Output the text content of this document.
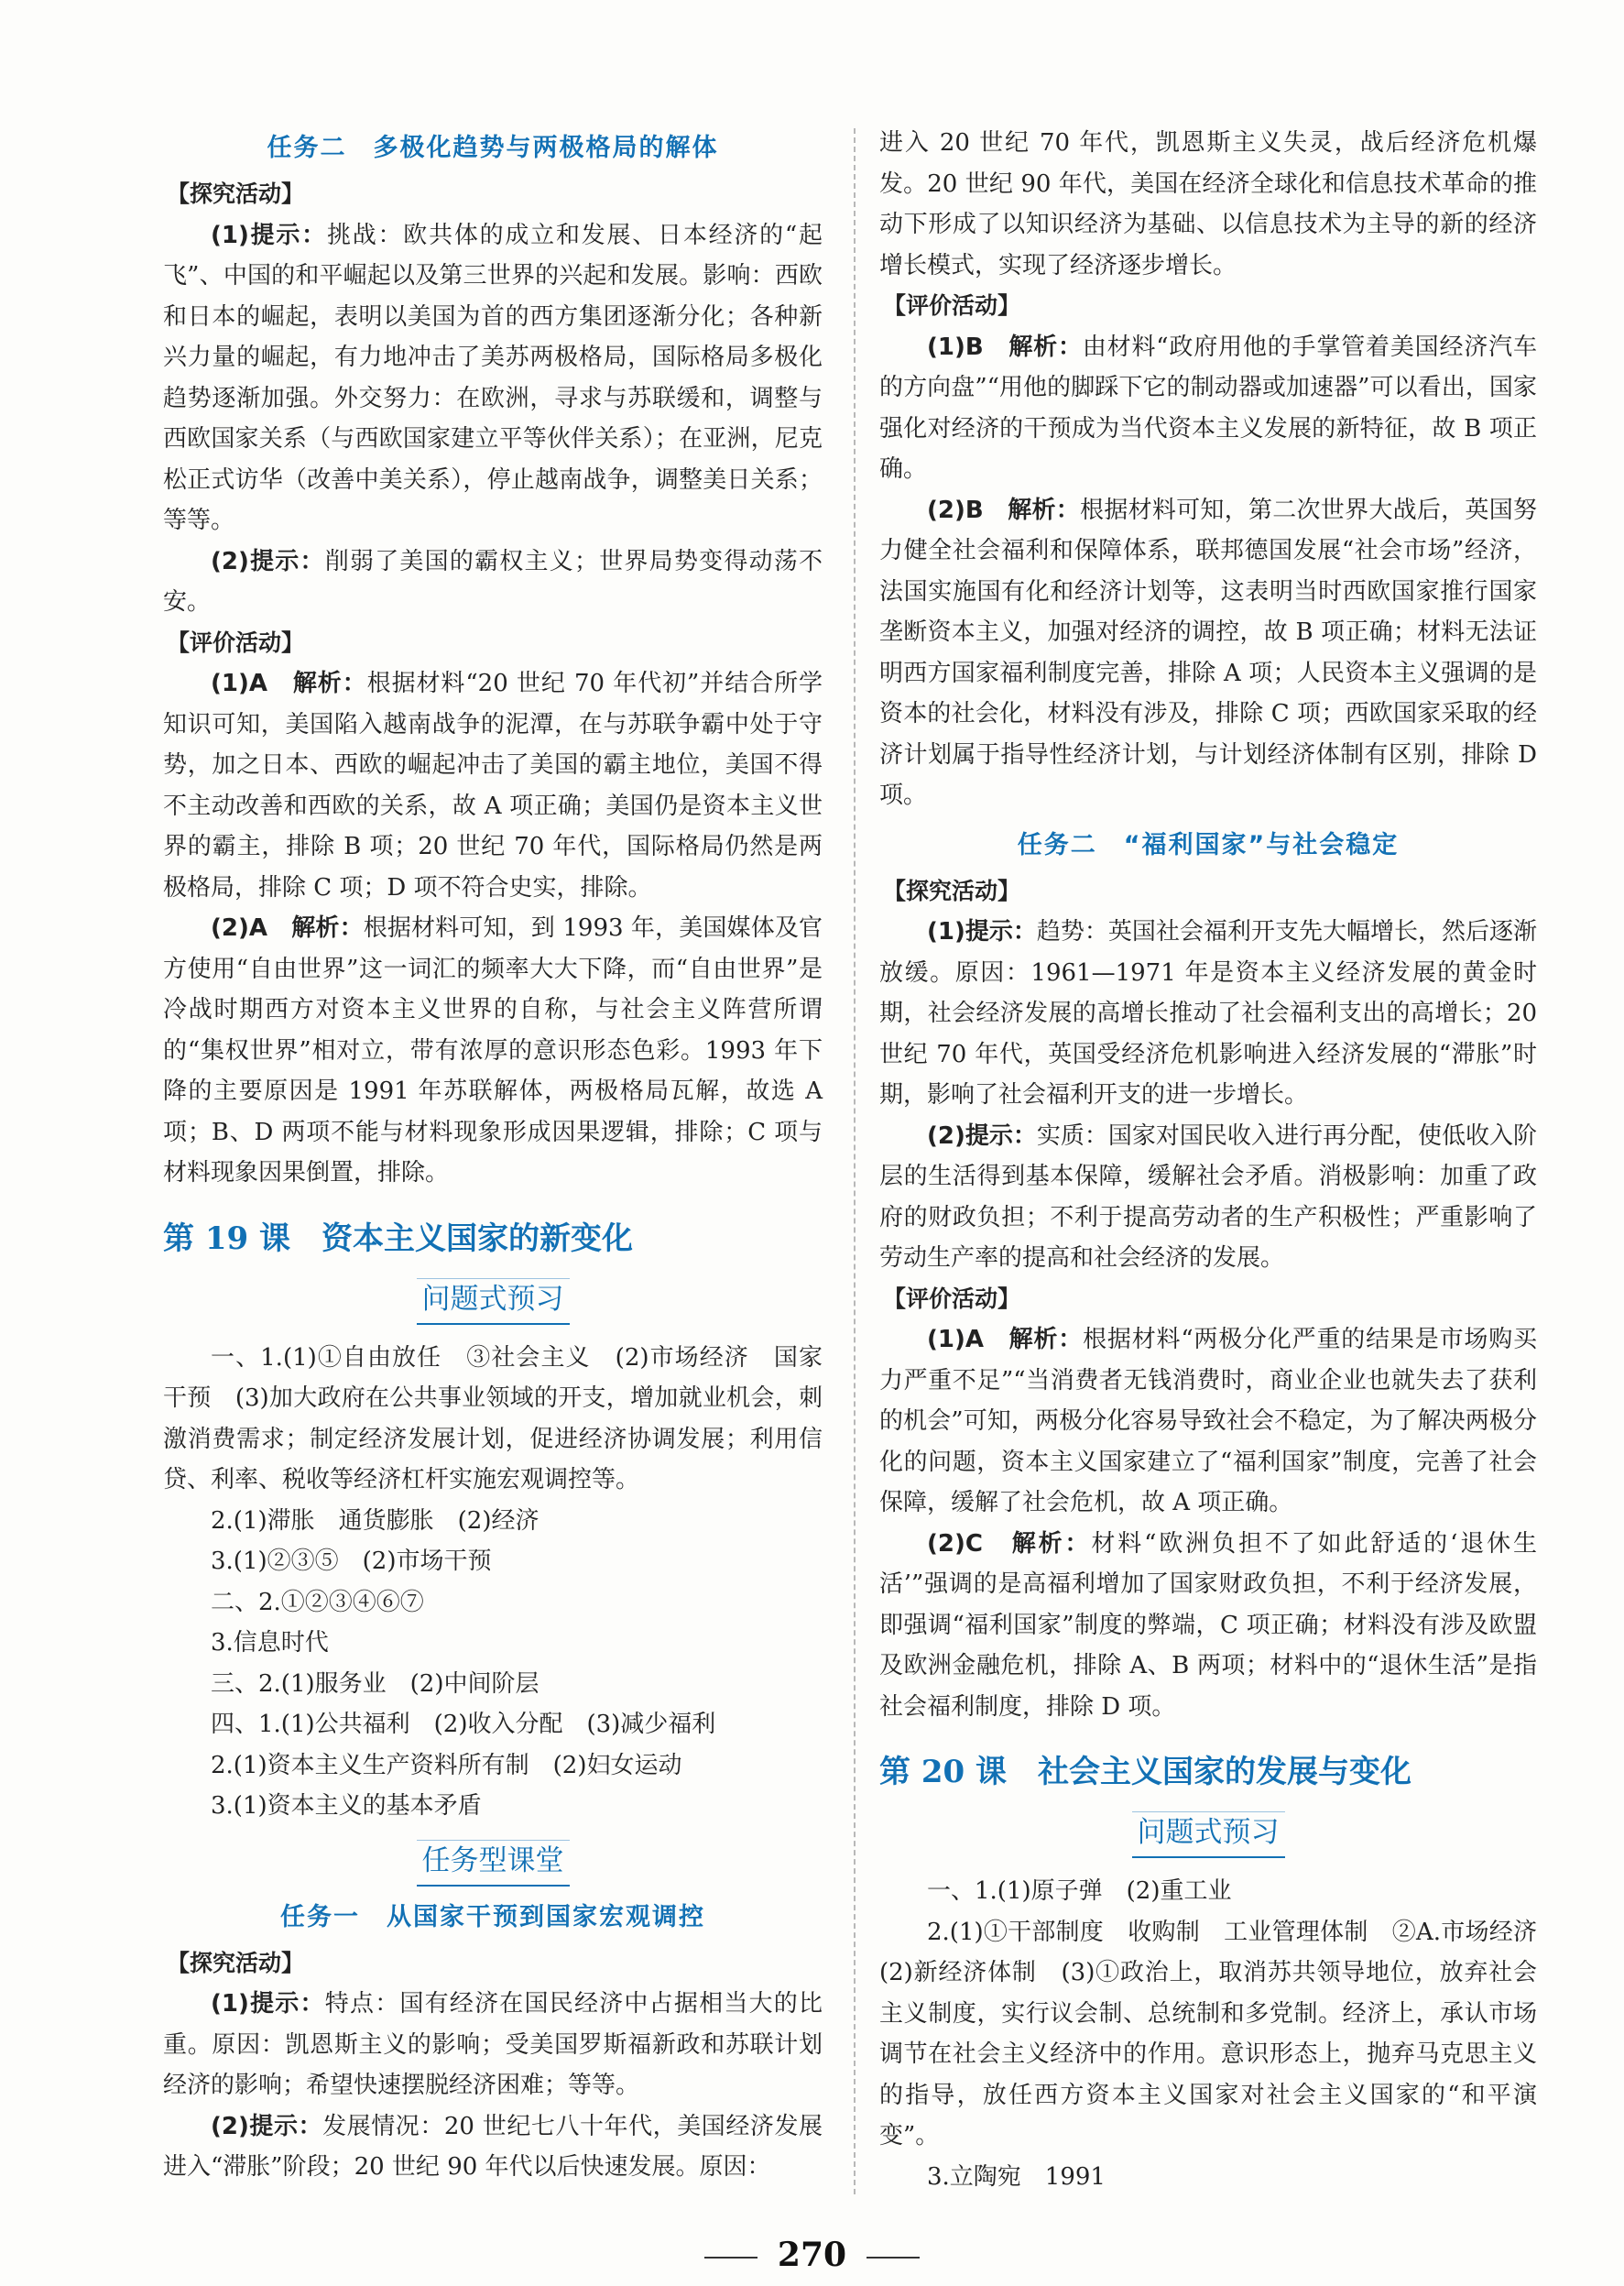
任务二　多极化趋势与两极格局的解体
【探究活动】

(1)提示：挑战：欧共体的成立和发展、日本经济的“起飞”、中国的和平崛起以及第三世界的兴起和发展。影响：西欧和日本的崛起，表明以美国为首的西方集团逐渐分化；各种新兴力量的崛起，有力地冲击了美苏两极格局，国际格局多极化趋势逐渐加强。外交努力：在欧洲，寻求与苏联缓和，调整与西欧国家关系（与西欧国家建立平等伙伴关系）；在亚洲，尼克松正式访华（改善中美关系），停止越南战争，调整美日关系；等等。

(2)提示：削弱了美国的霸权主义；世界局势变得动荡不安。

【评价活动】

(1)A　解析：根据材料“20 世纪 70 年代初”并结合所学知识可知，美国陷入越南战争的泥潭，在与苏联争霸中处于守势，加之日本、西欧的崛起冲击了美国的霸主地位，美国不得不主动改善和西欧的关系，故 A 项正确；美国仍是资本主义世界的霸主，排除 B 项；20 世纪 70 年代，国际格局仍然是两极格局，排除 C 项；D 项不符合史实，排除。

(2)A　解析：根据材料可知，到 1993 年，美国媒体及官方使用“自由世界”这一词汇的频率大大下降，而“自由世界”是冷战时期西方对资本主义世界的自称，与社会主义阵营所谓的“集权世界”相对立，带有浓厚的意识形态色彩。1993 年下降的主要原因是 1991 年苏联解体，两极格局瓦解，故选 A 项；B、D 两项不能与材料现象形成因果逻辑，排除；C 项与材料现象因果倒置，排除。

第 19 课　资本主义国家的新变化
问题式预习

一、1.(1)①自由放任　③社会主义　(2)市场经济　国家干预　(3)加大政府在公共事业领域的开支，增加就业机会，刺激消费需求；制定经济发展计划，促进经济协调发展；利用信贷、利率、税收等经济杠杆实施宏观调控等。

2.(1)滞胀　通货膨胀　(2)经济

3.(1)②③⑤　(2)市场干预

二、2.①②③④⑥⑦

3.信息时代

三、2.(1)服务业　(2)中间阶层

四、1.(1)公共福利　(2)收入分配　(3)减少福利

2.(1)资本主义生产资料所有制　(2)妇女运动

3.(1)资本主义的基本矛盾

任务型课堂
任务一　从国家干预到国家宏观调控
【探究活动】

(1)提示：特点：国有经济在国民经济中占据相当大的比重。原因：凯恩斯主义的影响；受美国罗斯福新政和苏联计划经济的影响；希望快速摆脱经济困难；等等。

(2)提示：发展情况：20 世纪七八十年代，美国经济发展进入“滞胀”阶段；20 世纪 90 年代以后快速发展。原因：

进入 20 世纪 70 年代，凯恩斯主义失灵，战后经济危机爆发。20 世纪 90 年代，美国在经济全球化和信息技术革命的推动下形成了以知识经济为基础、以信息技术为主导的新的经济增长模式，实现了经济逐步增长。

【评价活动】

(1)B　解析：由材料“政府用他的手掌管着美国经济汽车的方向盘”“用他的脚踩下它的制动器或加速器”可以看出，国家强化对经济的干预成为当代资本主义发展的新特征，故 B 项正确。

(2)B　解析：根据材料可知，第二次世界大战后，英国努力健全社会福利和保障体系，联邦德国发展“社会市场”经济，法国实施国有化和经济计划等，这表明当时西欧国家推行国家垄断资本主义，加强对经济的调控，故 B 项正确；材料无法证明西方国家福利制度完善，排除 A 项；人民资本主义强调的是资本的社会化，材料没有涉及，排除 C 项；西欧国家采取的经济计划属于指导性经济计划，与计划经济体制有区别，排除 D 项。

任务二　“福利国家”与社会稳定
【探究活动】

(1)提示：趋势：英国社会福利开支先大幅增长，然后逐渐放缓。原因：1961—1971 年是资本主义经济发展的黄金时期，社会经济发展的高增长推动了社会福利支出的高增长；20 世纪 70 年代，英国受经济危机影响进入经济发展的“滞胀”时期，影响了社会福利开支的进一步增长。

(2)提示：实质：国家对国民收入进行再分配，使低收入阶层的生活得到基本保障，缓解社会矛盾。消极影响：加重了政府的财政负担；不利于提高劳动者的生产积极性；严重影响了劳动生产率的提高和社会经济的发展。

【评价活动】

(1)A　解析：根据材料“两极分化严重的结果是市场购买力严重不足”“当消费者无钱消费时，商业企业也就失去了获利的机会”可知，两极分化容易导致社会不稳定，为了解决两极分化的问题，资本主义国家建立了“福利国家”制度，完善了社会保障，缓解了社会危机，故 A 项正确。

(2)C　解析：材料“欧洲负担不了如此舒适的‘退休生活’”强调的是高福利增加了国家财政负担，不利于经济发展，即强调“福利国家”制度的弊端，C 项正确；材料没有涉及欧盟及欧洲金融危机，排除 A、B 两项；材料中的“退休生活”是指社会福利制度，排除 D 项。

第 20 课　社会主义国家的发展与变化
问题式预习

一、1.(1)原子弹　(2)重工业

2.(1)①干部制度　收购制　工业管理体制　②A.市场经济　(2)新经济体制　(3)①政治上，取消苏共领导地位，放弃社会主义制度，实行议会制、总统制和多党制。经济上，承认市场调节在社会主义经济中的作用。意识形态上，抛弃马克思主义的指导，放任西方资本主义国家对社会主义国家的“和平演变”。

3.立陶宛　1991

270
